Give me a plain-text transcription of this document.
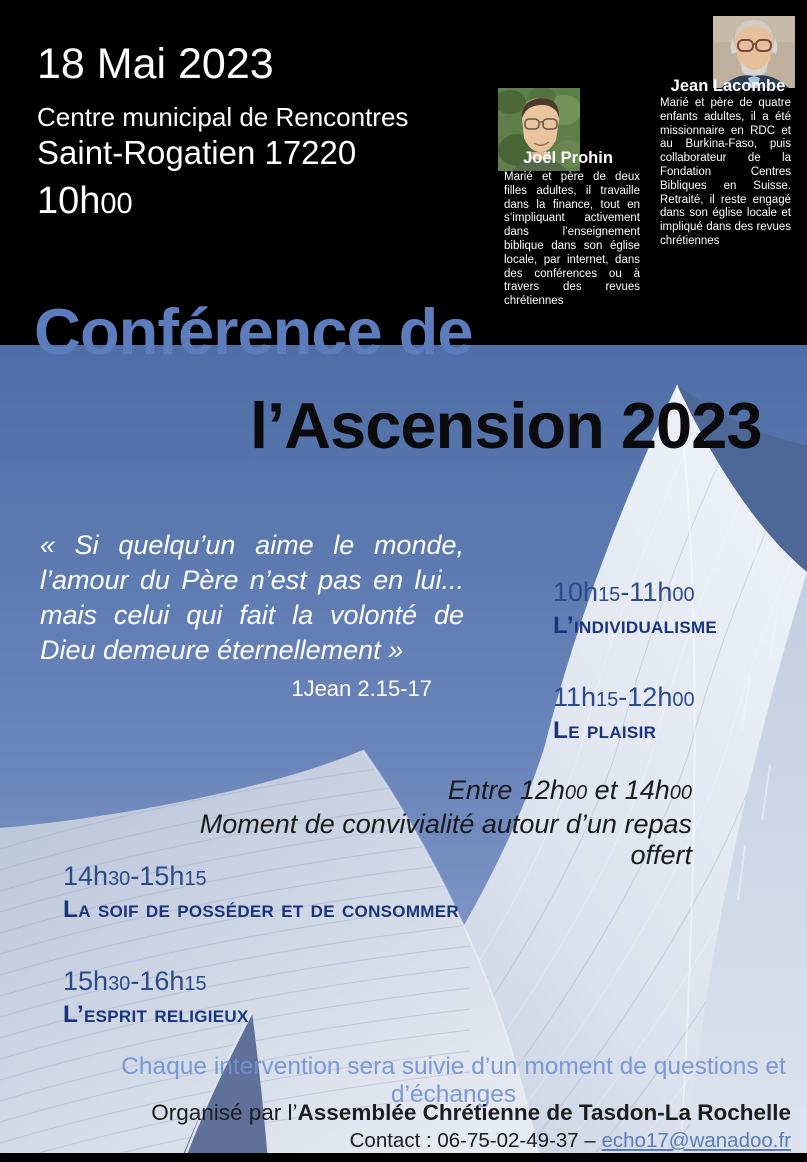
18 Mai 2023
Centre municipal de Rencontres
Saint-Rogatien 17220
10h00
Joël Prohin

Marié et père de deux filles adultes, il travaille dans la finance, tout en s’impliquant activement dans l’enseignement biblique dans son église locale, par internet, dans des conférences ou à travers des revues chrétiennes

Jean Lacombe

Marié et père de quatre enfants adultes, il a été missionnaire en RDC et au Burkina-Faso, puis collaborateur de la Fondation Centres Bibliques en Suisse. Retraité, il reste engagé dans son église locale et impliqué dans des revues chrétiennes

Conférence de
l’Ascension 2023
« Si quelqu’un aime le monde,
l’amour du Père n’est pas en lui...
mais celui qui fait la volonté de
Dieu demeure éternellement »
1Jean 2.15-17
10h15-11h00
L’individualisme
11h15-12h00
Le plaisir
Entre 12h00 et 14h00
Moment de convivialité autour d’un repas offert
14h30-15h15
La soif de posséder et de consommer
15h30-16h15
L’esprit religieux
Chaque intervention sera suivie d’un moment de questions et d’échanges
Organisé par l’Assemblée Chrétienne de Tasdon-La Rochelle
Contact : 06-75-02-49-37 – echo17@wanadoo.fr
